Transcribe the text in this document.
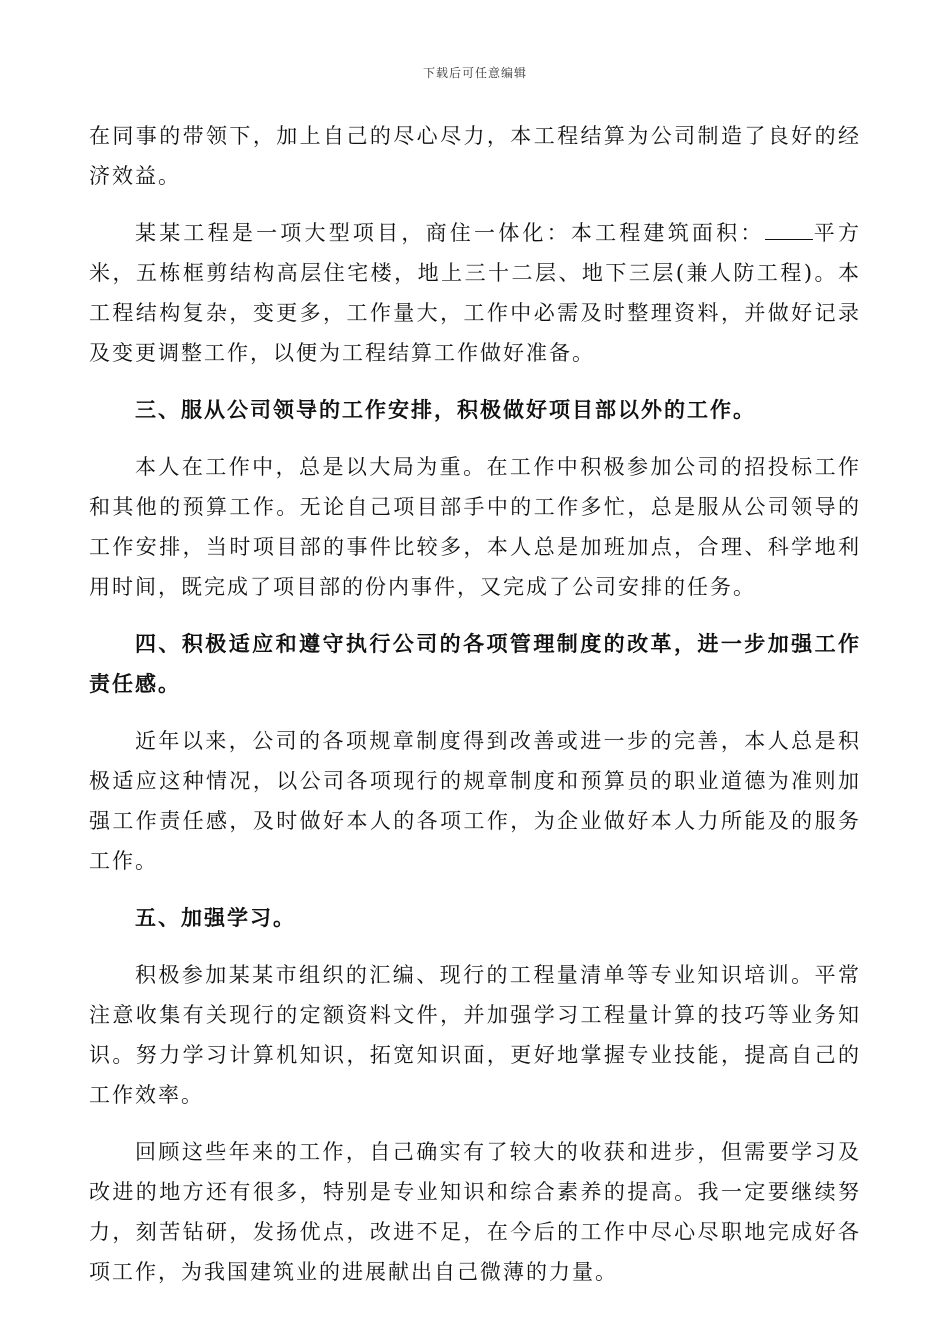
下载后可任意编辑

在同事的带领下，加上自己的尽心尽力，本工程结算为公司制造了良好的经济效益。

某某工程是一项大型项目，商住一体化：本工程建筑面积： 平方米，五栋框剪结构高层住宅楼，地上三十二层、地下三层(兼人防工程)。本工程结构复杂，变更多，工作量大，工作中必需及时整理资料，并做好记录及变更调整工作，以便为工程结算工作做好准备。

三、服从公司领导的工作安排，积极做好项目部以外的工作。

本人在工作中，总是以大局为重。在工作中积极参加公司的招投标工作和其他的预算工作。无论自己项目部手中的工作多忙，总是服从公司领导的工作安排，当时项目部的事件比较多，本人总是加班加点，合理、科学地利用时间，既完成了项目部的份内事件，又完成了公司安排的任务。

四、积极适应和遵守执行公司的各项管理制度的改革，进一步加强工作责任感。

近年以来，公司的各项规章制度得到改善或进一步的完善，本人总是积极适应这种情况，以公司各项现行的规章制度和预算员的职业道德为准则加强工作责任感，及时做好本人的各项工作，为企业做好本人力所能及的服务工作。

五、加强学习。

积极参加某某市组织的汇编、现行的工程量清单等专业知识培训。平常注意收集有关现行的定额资料文件，并加强学习工程量计算的技巧等业务知识。努力学习计算机知识，拓宽知识面，更好地掌握专业技能，提高自己的工作效率。

回顾这些年来的工作，自己确实有了较大的收获和进步，但需要学习及改进的地方还有很多，特别是专业知识和综合素养的提高。我一定要继续努力，刻苦钻研，发扬优点，改进不足，在今后的工作中尽心尽职地完成好各项工作，为我国建筑业的进展献出自己微薄的力量。
